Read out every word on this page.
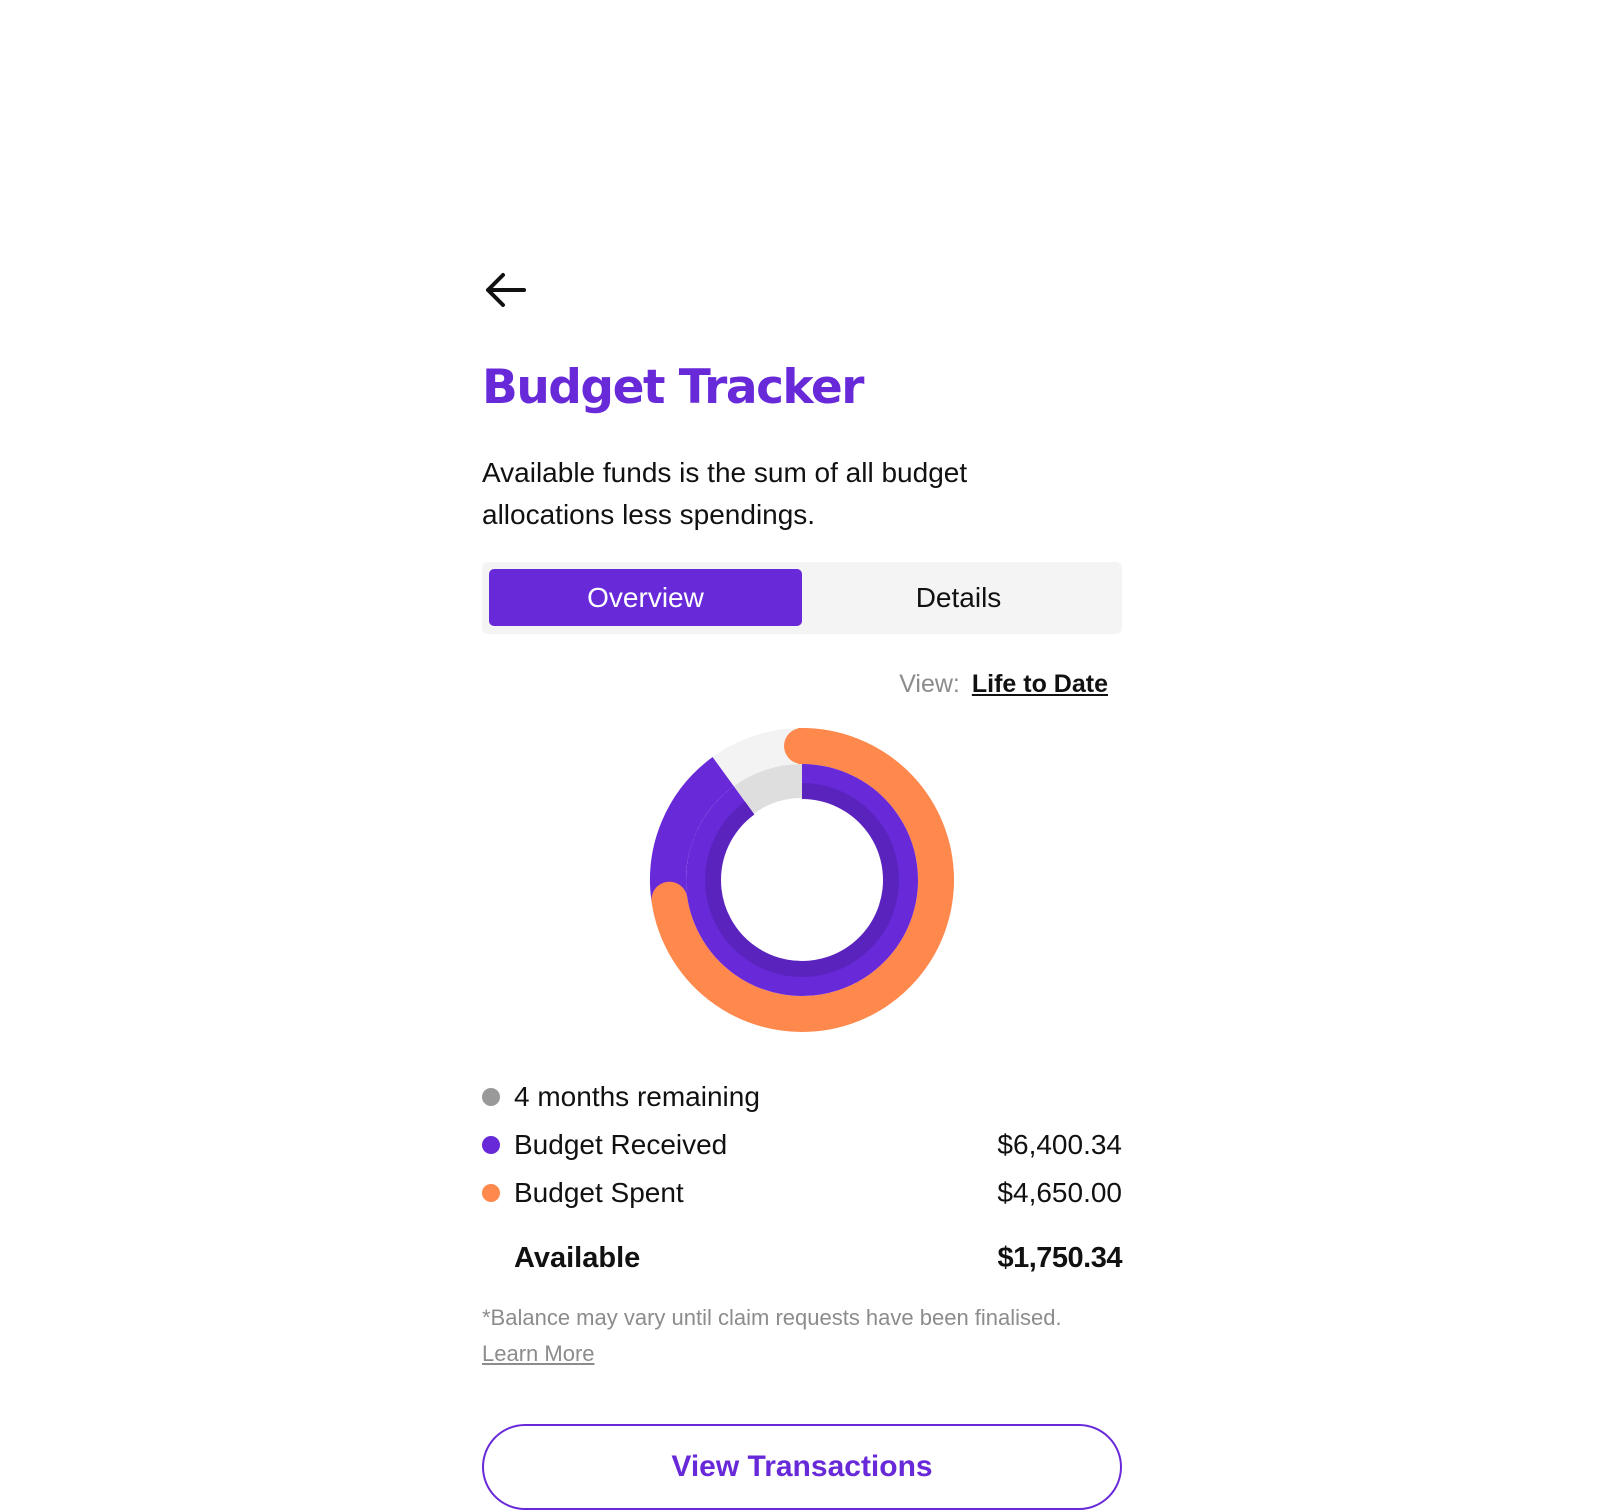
Budget Tracker

Available funds is the sum of all budget allocations less spendings.

Overview	Details
View: Life to Date
4 months remaining
Budget Received	$6,400.34
Budget Spent	$4,650.00
Available	$1,750.34

*Balance may vary until claim requests have been finalised.
Learn More

View Transactions
